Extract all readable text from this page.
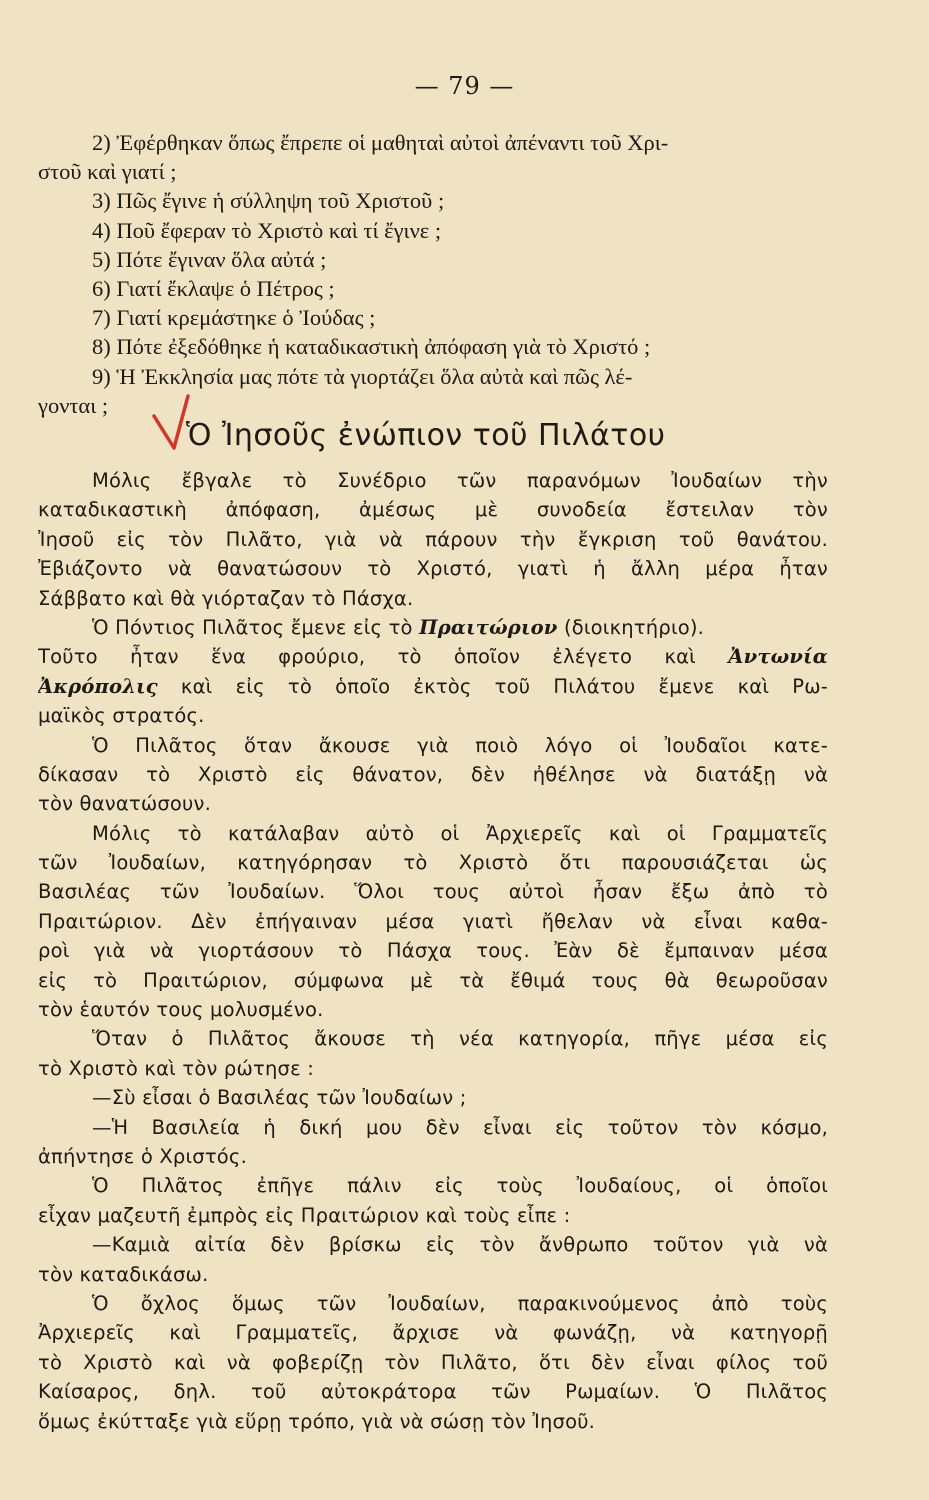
— 79 —
2) Ἐφέρθηκαν ὅπως ἔπρεπε οἱ μαθηταὶ αὐτοὶ ἀπέναντι τοῦ Χρι-
στοῦ καὶ γιατί ;
3) Πῶς ἔγινε ἡ σύλληψη τοῦ Χριστοῦ ;
4) Ποῦ ἔφεραν τὸ Χριστὸ καὶ τί ἔγινε ;
5) Πότε ἔγιναν ὅλα αὐτά ;
6) Γιατί ἔκλαψε ὁ Πέτρος ;
7) Γιατί κρεμάστηκε ὁ Ἰούδας ;
8) Πότε ἐξεδόθηκε ἡ καταδικαστικὴ ἀπόφαση γιὰ τὸ Χριστό ;
9) Ἡ Ἐκκλησία μας πότε τὰ γιορτάζει ὅλα αὐτὰ καὶ πῶς λέ-
γονται ;
Ὁ Ἰησοῦς ἐνώπιον τοῦ Πιλάτου
Μόλις ἔβγαλε τὸ Συνέδριο τῶν παρανόμων Ἰουδαίων τὴν
καταδικαστικὴ ἀπόφαση, ἀμέσως μὲ συνοδεία ἔστειλαν τὸν
Ἰησοῦ εἰς τὸν Πιλᾶτο, γιὰ νὰ πάρουν τὴν ἔγκριση τοῦ θανάτου.
Ἐβιάζοντο νὰ θανατώσουν τὸ Χριστό, γιατὶ ἡ ἄλλη μέρα ἦταν
Σάββατο καὶ θὰ γιόρταζαν τὸ Πάσχα.
Ὁ Πόντιος Πιλᾶτος ἔμενε εἰς τὸ Πραιτώριον (διοικητήριο).
Τοῦτο ἦταν ἕνα φρούριο, τὸ ὁποῖον ἐλέγετο καὶ Ἀντωνία
Ἀκρόπολις καὶ εἰς τὸ ὁποῖο ἐκτὸς τοῦ Πιλάτου ἔμενε καὶ Ρω-
μαϊκὸς στρατός.
Ὁ Πιλᾶτος ὅταν ἄκουσε γιὰ ποιὸ λόγο οἱ Ἰουδαῖοι κατε-
δίκασαν τὸ Χριστὸ εἰς θάνατον, δὲν ἠθέλησε νὰ διατάξῃ νὰ
τὸν θανατώσουν.
Μόλις τὸ κατάλαβαν αὐτὸ οἱ Ἀρχιερεῖς καὶ οἱ Γραμματεῖς
τῶν Ἰουδαίων, κατηγόρησαν τὸ Χριστὸ ὅτι παρουσιάζεται ὡς
Βασιλέας τῶν Ἰουδαίων. Ὅλοι τους αὐτοὶ ἦσαν ἔξω ἀπὸ τὸ
Πραιτώριον. Δὲν ἐπήγαιναν μέσα γιατὶ ἤθελαν νὰ εἶναι καθα-
ροὶ γιὰ νὰ γιορτάσουν τὸ Πάσχα τους. Ἐὰν δὲ ἔμπαιναν μέσα
εἰς τὸ Πραιτώριον, σύμφωνα μὲ τὰ ἔθιμά τους θὰ θεωροῦσαν
τὸν ἑαυτόν τους μολυσμένο.
Ὅταν ὁ Πιλᾶτος ἄκουσε τὴ νέα κατηγορία, πῆγε μέσα εἰς
τὸ Χριστὸ καὶ τὸν ρώτησε :
—Σὺ εἶσαι ὁ Βασιλέας τῶν Ἰουδαίων ;
—Ἡ Βασιλεία ἡ δική μου δὲν εἶναι εἰς τοῦτον τὸν κόσμο,
ἀπήντησε ὁ Χριστός.
Ὁ Πιλᾶτος ἐπῆγε πάλιν εἰς τοὺς Ἰουδαίους, οἱ ὁποῖοι
εἶχαν μαζευτῆ ἐμπρὸς εἰς Πραιτώριον καὶ τοὺς εἶπε :
—Καμιὰ αἰτία δὲν βρίσκω εἰς τὸν ἄνθρωπο τοῦτον γιὰ νὰ
τὸν καταδικάσω.
Ὁ ὄχλος ὅμως τῶν Ἰουδαίων, παρακινούμενος ἀπὸ τοὺς
Ἀρχιερεῖς καὶ Γραμματεῖς, ἄρχισε νὰ φωνάζῃ, νὰ κατηγορῇ
τὸ Χριστὸ καὶ νὰ φοβερίζῃ τὸν Πιλᾶτο, ὅτι δὲν εἶναι φίλος τοῦ
Καίσαρος, δηλ. τοῦ αὐτοκράτορα τῶν Ρωμαίων. Ὁ Πιλᾶτος
ὅμως ἐκύτταξε γιὰ εὕρῃ τρόπο, γιὰ νὰ σώσῃ τὸν Ἰησοῦ.
